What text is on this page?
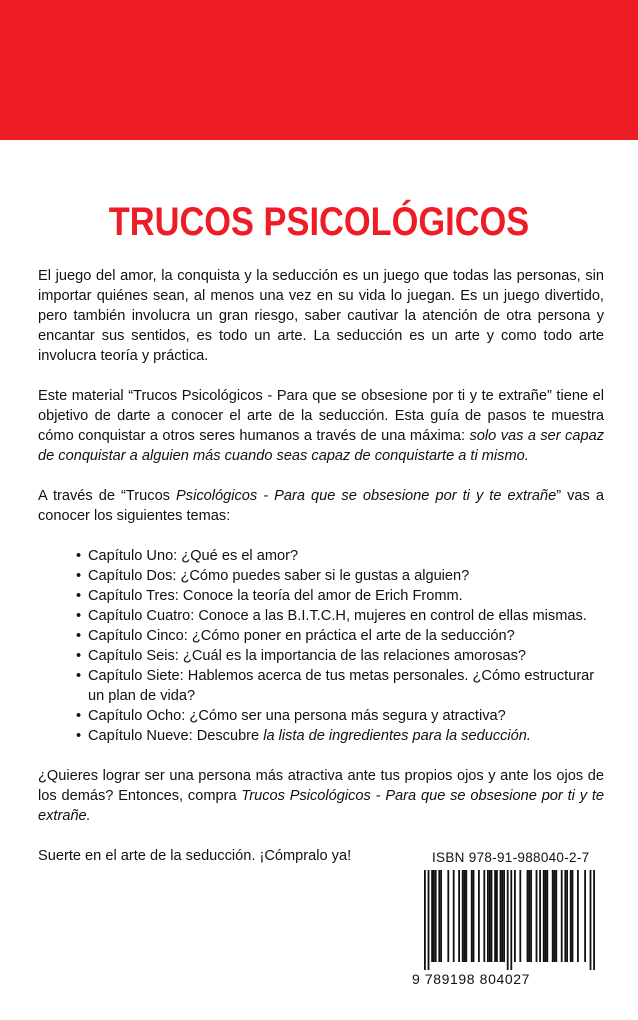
TRUCOS PSICOLÓGICOS

El juego del amor, la conquista y la seducción es un juego que todas las personas, sin importar quiénes sean, al menos una vez en su vida lo juegan. Es un juego divertido, pero también involucra un gran riesgo, saber cautivar la atención de otra persona y encantar sus sentidos, es todo un arte. La seducción es un arte y como todo arte involucra teoría y práctica.

Este material “Trucos Psicológicos - Para que se obsesione por ti y te extrañe” tiene el objetivo de darte a conocer el arte de la seducción. Esta guía de pasos te muestra cómo conquistar a otros seres humanos a través de una máxima: solo vas a ser capaz de conquistar a alguien más cuando seas capaz de conquistarte a ti mismo.

A través de “Trucos Psicológicos - Para que se obsesione por ti y te extrañe” vas a conocer los siguientes temas:

• Capítulo Uno: ¿Qué es el amor?
• Capítulo Dos: ¿Cómo puedes saber si le gustas a alguien?
• Capítulo Tres: Conoce la teoría del amor de Erich Fromm.
• Capítulo Cuatro: Conoce a las B.I.T.C.H, mujeres en control de ellas mismas.
• Capítulo Cinco: ¿Cómo poner en práctica el arte de la seducción?
• Capítulo Seis: ¿Cuál es la importancia de las relaciones amorosas?
• Capítulo Siete: Hablemos acerca de tus metas personales. ¿Cómo estructurar un plan de vida?
• Capítulo Ocho: ¿Cómo ser una persona más segura y atractiva?
• Capítulo Nueve: Descubre la lista de ingredientes para la seducción.

¿Quieres lograr ser una persona más atractiva ante tus propios ojos y ante los ojos de los demás? Entonces, compra Trucos Psicológicos - Para que se obsesione por ti y te extrañe.

Suerte en el arte de la seducción. ¡Cómpralo ya!	ISBN 978-91-988040-2-7
9 789198 804027
